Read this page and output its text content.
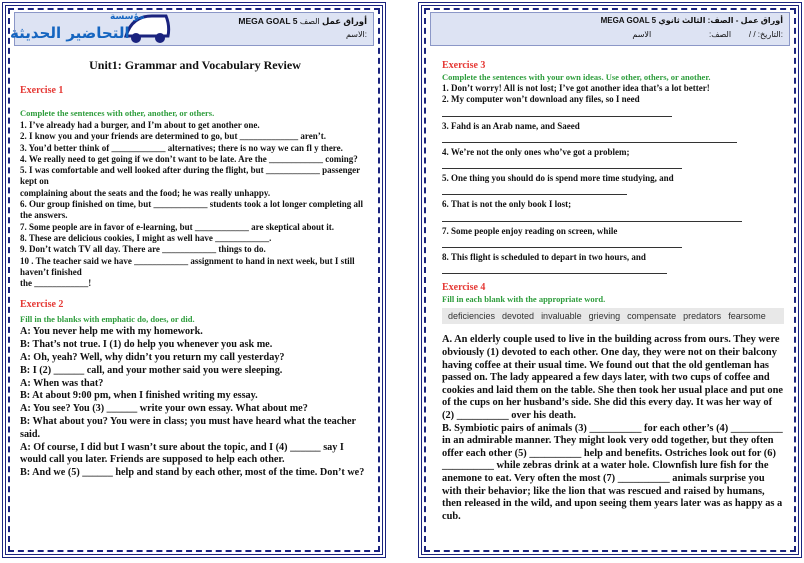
MEGA GOAL 5 أوراق عمل الصف
الاسم:
مؤسسة
التحاضير الحديثة
Unit1: Grammar and Vocabulary Review
Exercise 1
Complete the sentences with other, another, or others.
1. I’ve already had a burger, and I’m about to get another one.
2. I know you and your friends are determined to go, but _____________ aren’t.
3. You’d better think of ____________ alternatives; there is no way we can fl y there.
4. We really need to get going if we don’t want to be late. Are the ____________ coming?
5. I was comfortable and well looked after during the flight, but ____________ passenger kept on
complaining about the seats and the food; he was really unhappy.
6. Our group finished on time, but ____________ students took a lot longer completing all the answers.
7. Some people are in favor of e-learning, but ____________ are skeptical about it.
8. These are delicious cookies, I might as well have ____________.
9. Don’t watch TV all day. There are ____________ things to do.
10 . The teacher said we have ____________ assignment to hand in next week, but I still haven’t finished
the ____________!
Exercise 2
Fill in the blanks with emphatic do, does, or did.
A: You never help me with my homework.
B: That’s not true. I (1) do help you whenever you ask me.
A: Oh, yeah? Well, why didn’t you return my call yesterday?
B: I (2) ______ call, and your mother said you were sleeping.
A: When was that?
B: At about 9:00 pm, when I finished writing my essay.
A: You see? You (3) ______ write your own essay. What about me?
B: What about you? You were in class; you must have heard what the teacher said.
A: Of course, I did but I wasn’t sure about the topic, and I (4) ______ say I would call you later. Friends are supposed to help each other.
B: And we (5) ______ help and stand by each other, most of the time. Don’t we?
MEGA GOAL 5 أوراق عمل - الصف: الثالث ثانوي
التاريخ: / /        الصف:                          الاسم:
Exercise 3
Complete the sentences with your own ideas. Use other, others, or another.
1. Don’t worry! All is not lost; I’ve got another idea that’s a lot better!
2. My computer won’t download any files, so I need
3. Fahd is an Arab name, and Saeed
4. We’re not the only ones who’ve got a problem;
5. One thing you should do is spend more time studying, and
6. That is not the only book I lost;
7. Some people enjoy reading on screen, while
8. This flight is scheduled to depart in two hours, and
Exercise 4
Fill in each blank with the appropriate word.
deficiencies devoted invaluable grieving compensate predators fearsome
A. An elderly couple used to live in the building across from ours. They were obviously (1) devoted to each other. One day, they were not on their balcony having coffee at their usual time. We found out that the old gentleman has passed on. The lady appeared a few days later, with two cups of coffee and cookies and laid them on the table. She then took her usual place and put one of the cups on her husband’s side. She did this every day. It was her way of (2) __________ over his death.
B. Symbiotic pairs of animals (3) __________ for each other’s (4) __________ in an admirable manner. They might look very odd together, but they often offer each other (5) __________ help and benefits. Ostriches look out for (6) __________ while zebras drink at a water hole. Clownfish lure fish for the anemone to eat. Very often the most (7) __________ animals surprise you with their behavior; like the lion that was rescued and raised by humans, then released in the wild, and upon seeing them years later was as happy as a cub.
